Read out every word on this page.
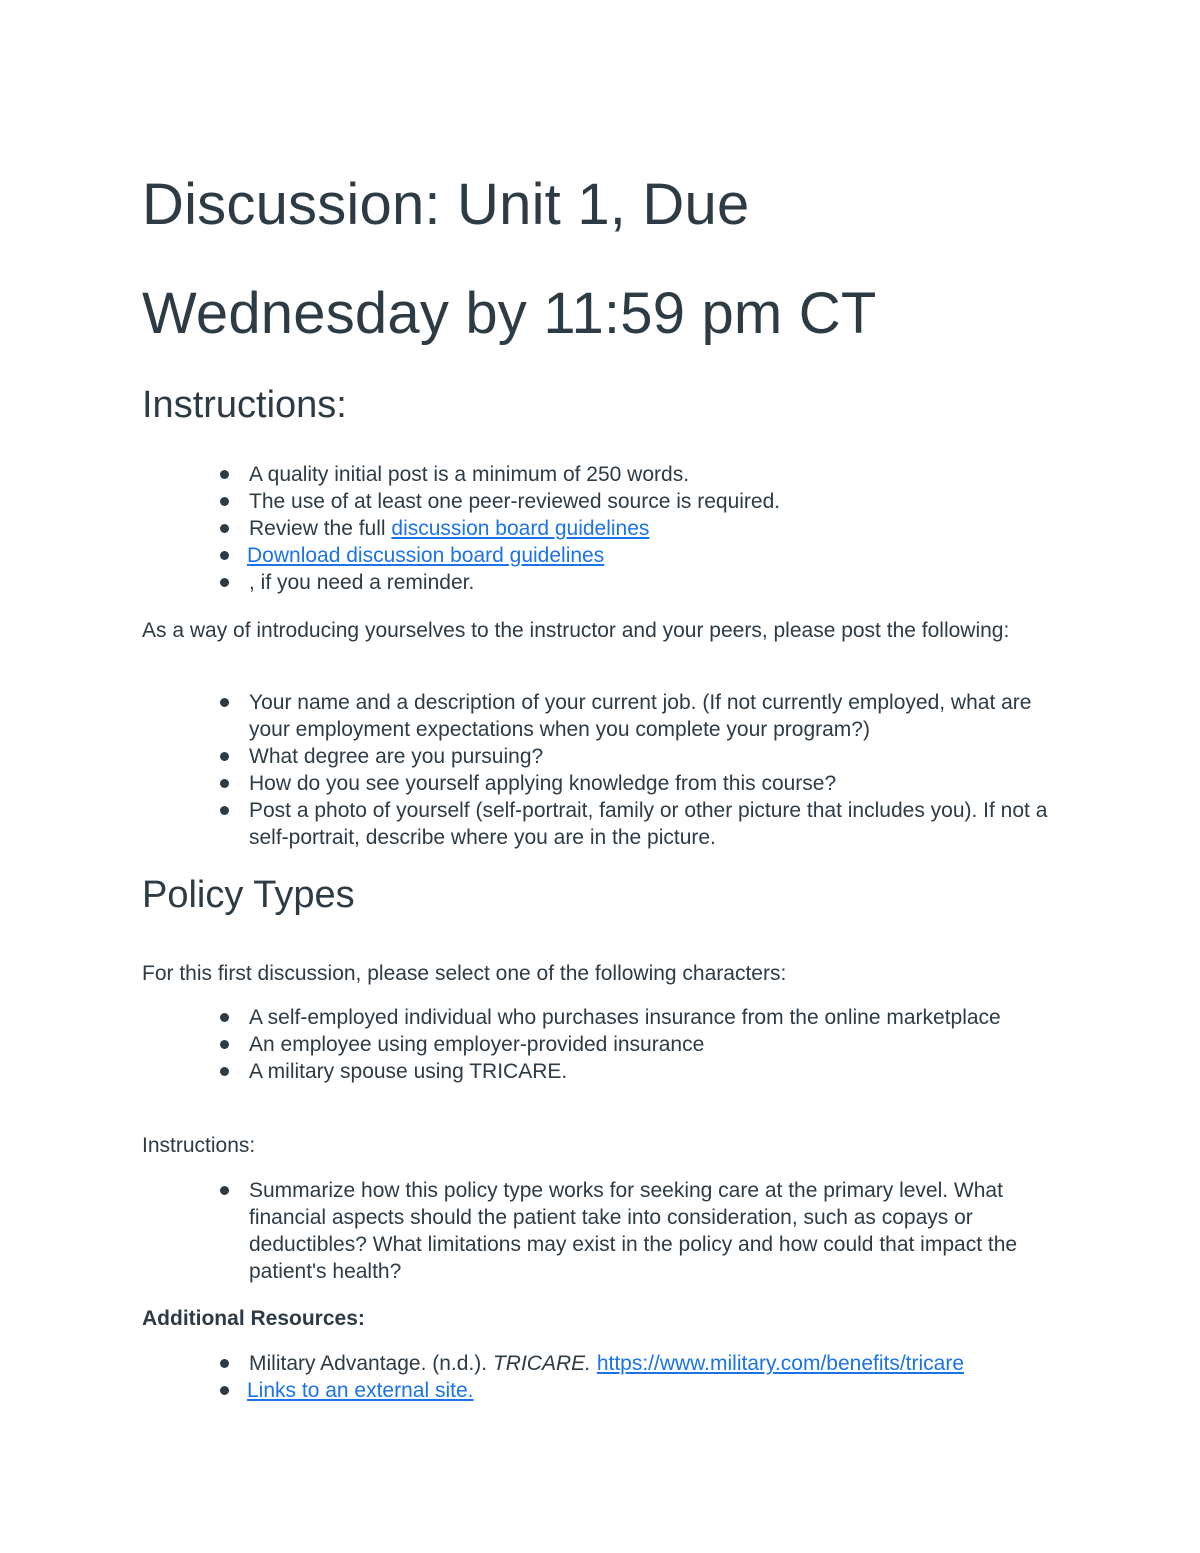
Discussion: Unit 1, Due
Wednesday by 11:59 pm CT
Instructions:
A quality initial post is a minimum of 250 words.
The use of at least one peer-reviewed source is required.
Review the full discussion board guidelines
Download discussion board guidelines
, if you need a reminder.

As a way of introducing yourselves to the instructor and your peers, please post the following:

Your name and a description of your current job. (If not currently employed, what are your employment expectations when you complete your program?)
What degree are you pursuing?
How do you see yourself applying knowledge from this course?
Post a photo of yourself (self-portrait, family or other picture that includes you). If not a self-portrait, describe where you are in the picture.
Policy Types

For this first discussion, please select one of the following characters:

A self-employed individual who purchases insurance from the online marketplace
An employee using employer-provided insurance
A military spouse using TRICARE.

Instructions:

Summarize how this policy type works for seeking care at the primary level. What financial aspects should the patient take into consideration, such as copays or deductibles? What limitations may exist in the policy and how could that impact the patient's health?

Additional Resources:

Military Advantage. (n.d.). TRICARE. https://www.military.com/benefits/tricare
Links to an external site.
